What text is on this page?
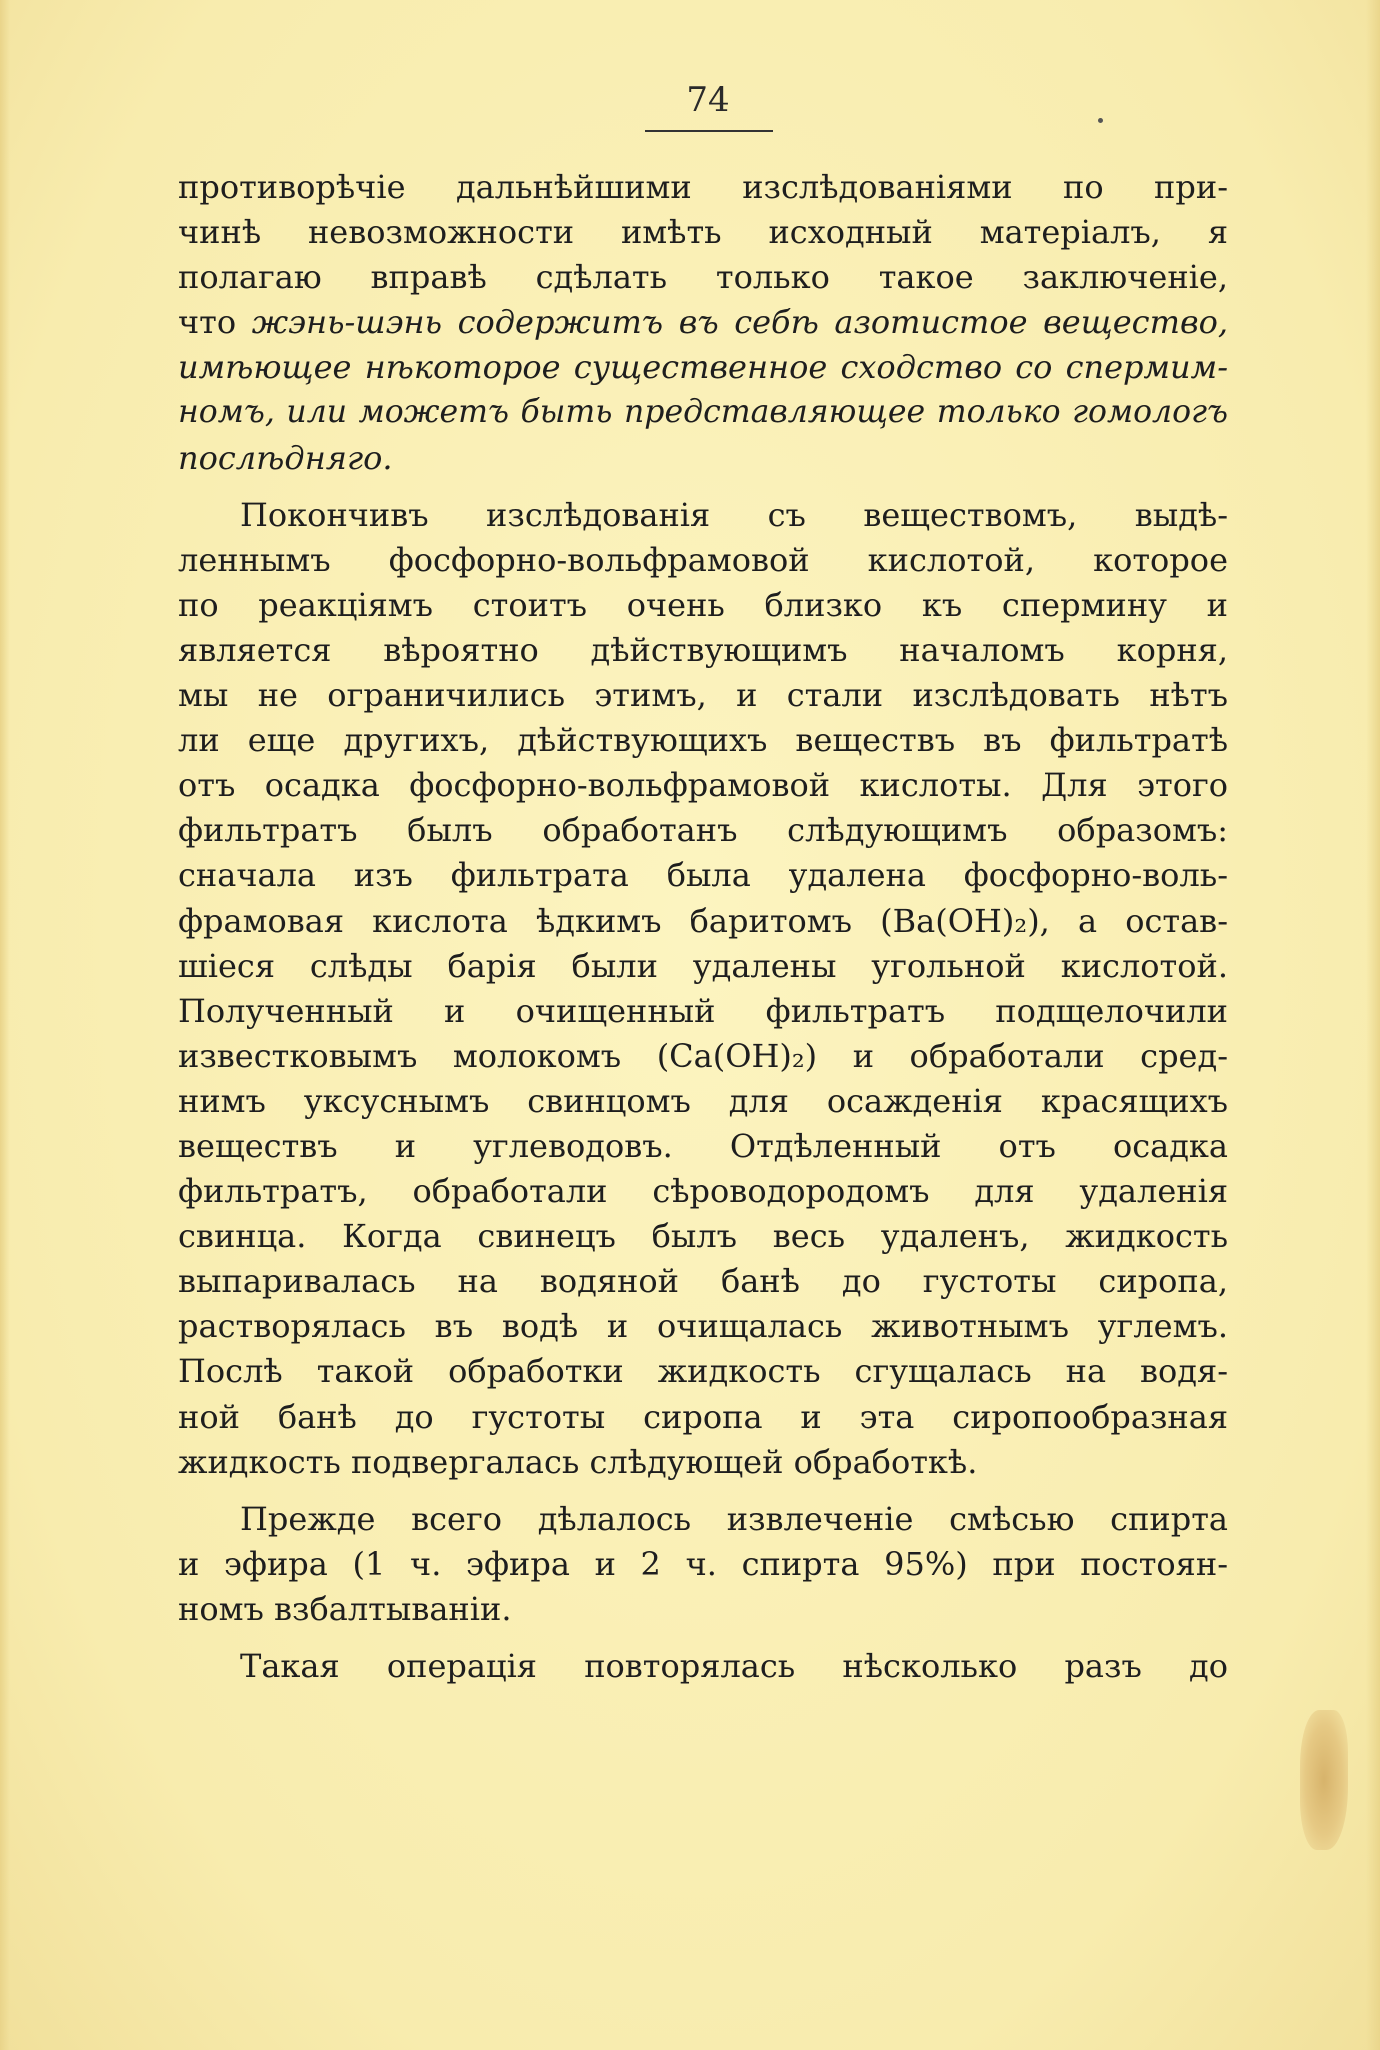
74
противорѣчіе дальнѣйшими изслѣдованіями по при-
чинѣ невозможности имѣть исходный матеріалъ, я
полагаю вправѣ сдѣлать только такое заключеніе,
что жэнь-шэнь содержитъ въ себѣ азотистое вещество,
имѣющее нѣкоторое существенное сходство со спермим-
номъ, или можетъ быть представляющее только гомологъ
послѣдняго.
Покончивъ изслѣдованія съ веществомъ, выдѣ-
леннымъ фосфорно-вольфрамовой кислотой, которое
по реакціямъ стоитъ очень близко къ спермину и
является вѣроятно дѣйствующимъ началомъ корня,
мы не ограничились этимъ, и стали изслѣдовать нѣтъ
ли еще другихъ, дѣйствующихъ веществъ въ фильтратѣ
отъ осадка фосфорно-вольфрамовой кислоты. Для этого
фильтратъ былъ обработанъ слѣдующимъ образомъ:
сначала изъ фильтрата была удалена фосфорно-воль-
фрамовая кислота ѣдкимъ баритомъ (Ba(OH)₂), а остав-
шіеся слѣды барія были удалены угольной кислотой.
Полученный и очищенный фильтратъ подщелочили
известковымъ молокомъ (Ca(OH)₂) и обработали сред-
нимъ уксуснымъ свинцомъ для осажденія красящихъ
веществъ и углеводовъ. Отдѣленный отъ осадка
фильтратъ, обработали сѣроводородомъ для удаленія
свинца. Когда свинецъ былъ весь удаленъ, жидкость
выпаривалась на водяной банѣ до густоты сиропа,
растворялась въ водѣ и очищалась животнымъ углемъ.
Послѣ такой обработки жидкость сгущалась на водя-
ной банѣ до густоты сиропа и эта сиропообразная
жидкость подвергалась слѣдующей обработкѣ.
Прежде всего дѣлалось извлеченіе смѣсью спирта
и эфира (1 ч. эфира и 2 ч. спирта 95%) при постоян-
номъ взбалтываніи.
Такая операція повторялась нѣсколько разъ до
